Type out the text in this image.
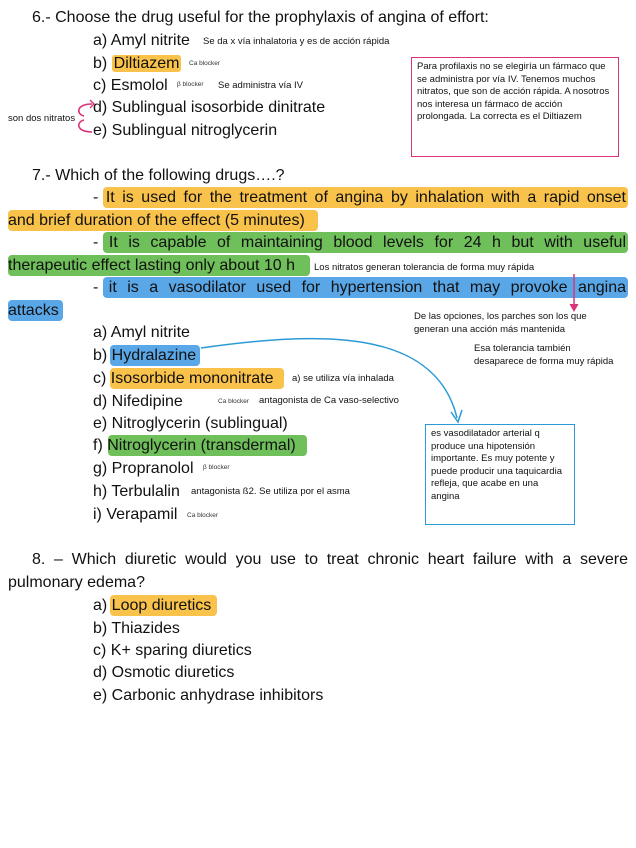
6.- Choose the drug useful for the prophylaxis of angina of effort:
a) Amyl nitrite Se da x vía inhalatoria y es de acción rápida
b) Diltiazem	Ca blocker
c) Esmolol β blocker Se administra vía IV
d) Sublingual isosorbide dinitrate
e) Sublingual nitroglycerin
son dos nitratos
Para profilaxis no se elegiría un fármaco que se administra por vía IV. Tenemos muchos nitratos, que son de acción rápida. A nosotros nos interesa un fármaco de acción prolongada. La correcta es el Diltiazem
7.- Which of the following drugs….?
- It is used for the treatment of angina by inhalation with a rapid onset
and brief duration of the effect (5 minutes)
- It is capable of maintaining blood levels for 24 h but with useful
therapeutic effect lasting only about 10 h Los nitratos generan tolerancia de forma muy rápida
- it is a vasodilator used for hypertension that may provoke angina
attacks	De las opciones, los parches son los que generan una acción más mantenida
Esa tolerancia también desaparece de forma muy rápida
a) Amyl nitrite
b) Hydralazine
c) Isosorbide mononitrate a) se utiliza vía inhalada
d) Nifedipine	Ca blocker antagonista de Ca vaso-selectivo
e) Nitroglycerin (sublingual)
f) Nitroglycerin (transdermal)
g) Propranolol β blocker
h) Terbulalin antagonista ß2. Se utiliza por el asma
i) Verapamil Ca blocker
es vasodilatador arterial q produce una hipotensión importante. Es muy potente y puede producir una taquicardia refleja, que acabe en una angina
8. – Which diuretic would you use to treat chronic heart failure with a severe
pulmonary edema?
a) Loop diuretics
b) Thiazides
c) K+ sparing diuretics
d) Osmotic diuretics
e) Carbonic anhydrase inhibitors
